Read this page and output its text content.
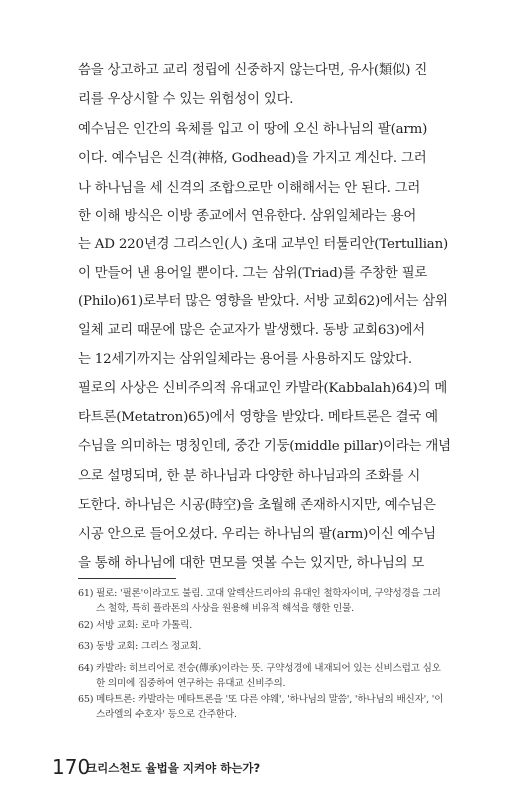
씀을 상고하고 교리 정립에 신중하지 않는다면, 유사(類似) 진
리를 우상시할 수 있는 위험성이 있다.
예수님은 인간의 육체를 입고 이 땅에 오신 하나님의 팔(arm)
이다. 예수님은 신격(神格, Godhead)을 가지고 계신다. 그러
나 하나님을 세 신격의 조합으로만 이해해서는 안 된다. 그러
한 이해 방식은 이방 종교에서 연유한다. 삼위일체라는 용어
는 AD 220년경 그리스인(人) 초대 교부인 터툴리안(Tertullian)
이 만들어 낸 용어일 뿐이다. 그는 삼위(Triad)를 주창한 필로
(Philo)61)로부터 많은 영향을 받았다. 서방 교회62)에서는 삼위
일체 교리 때문에 많은 순교자가 발생했다. 동방 교회63)에서
는 12세기까지는 삼위일체라는 용어를 사용하지도 않았다.
필로의 사상은 신비주의적 유대교인 카발라(Kabbalah)64)의 메
타트론(Metatron)65)에서 영향을 받았다. 메타트론은 결국 예
수님을 의미하는 명칭인데, 중간 기둥(middle pillar)이라는 개념
으로 설명되며, 한 분 하나님과 다양한 하나님과의 조화를 시
도한다. 하나님은 시공(時空)을 초월해 존재하시지만, 예수님은
시공 안으로 들어오셨다. 우리는 하나님의 팔(arm)이신 예수님
을 통해 하나님에 대한 면모를 엿볼 수는 있지만, 하나님의 모
61) 필로: '필론'이라고도 불림. 고대 알렉산드리아의 유대인 철학자이며, 구약성경을 그리
스 철학, 특히 플라톤의 사상을 원용해 비유적 해석을 행한 인물.
62) 서방 교회: 로마 가톨릭.
63) 동방 교회: 그리스 정교회.
64) 카발라: 히브리어로 전승(傳承)이라는 뜻. 구약성경에 내재되어 있는 신비스럽고 심오
한 의미에 집중하여 연구하는 유대교 신비주의.
65) 메타트론: 카발라는 메타트론을 '또 다른 야웨', '하나님의 말씀', '하나님의 배신자', '이
스라엘의 수호자' 등으로 간주한다.
170
크리스천도 율법을 지켜야 하는가?
